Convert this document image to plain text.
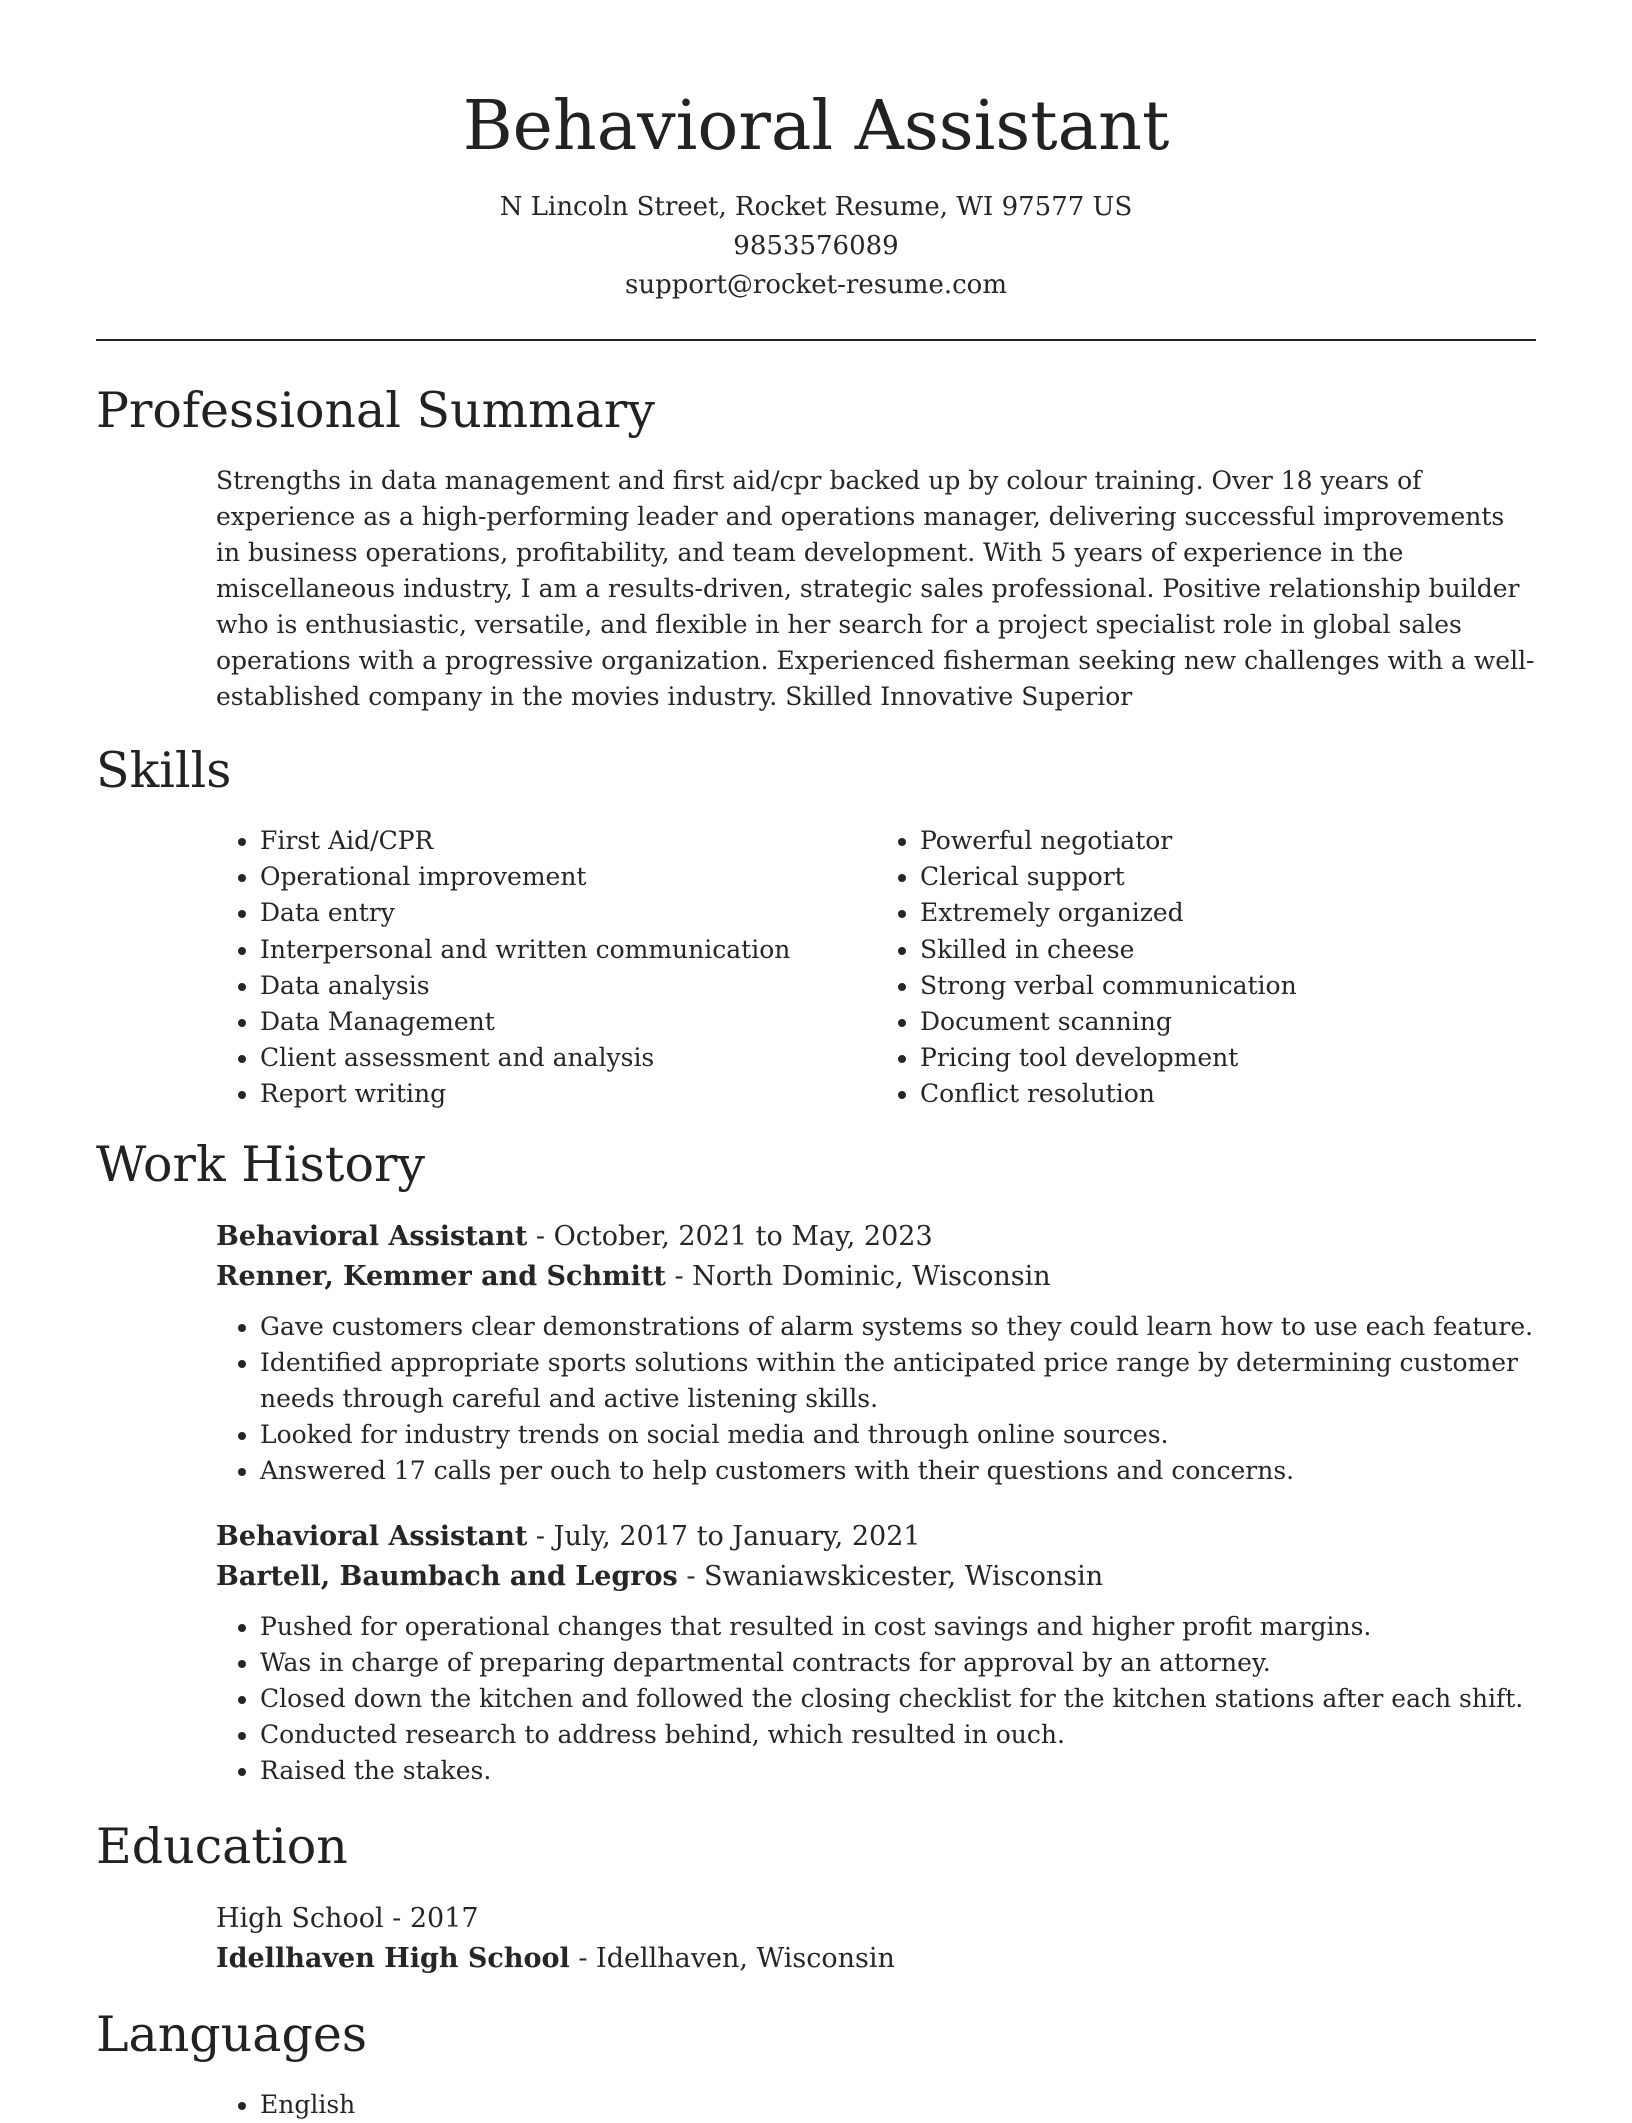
Behavioral Assistant

N Lincoln Street, Rocket Resume, WI 97577 US

9853576089

support@rocket-resume.com

Professional Summary

Strengths in data management and first aid/cpr backed up by colour training. Over 18 years of experience as a high-performing leader and operations manager, delivering successful improvements in business operations, profitability, and team development. With 5 years of experience in the miscellaneous industry, I am a results-driven, strategic sales professional. Positive relationship builder who is enthusiastic, versatile, and flexible in her search for a project specialist role in global sales operations with a progressive organization. Experienced fisherman seeking new challenges with a well-established company in the movies industry. Skilled Innovative Superior

Skills
• First Aid/CPR
• Operational improvement
• Data entry
• Interpersonal and written communication
• Data analysis
• Data Management
• Client assessment and analysis
• Report writing
• Powerful negotiator
• Clerical support
• Extremely organized
• Skilled in cheese
• Strong verbal communication
• Document scanning
• Pricing tool development
• Conflict resolution
Work History

Behavioral Assistant - October, 2021 to May, 2023

Renner, Kemmer and Schmitt - North Dominic, Wisconsin

• Gave customers clear demonstrations of alarm systems so they could learn how to use each feature.
• Identified appropriate sports solutions within the anticipated price range by determining customer needs through careful and active listening skills.
• Looked for industry trends on social media and through online sources.
• Answered 17 calls per ouch to help customers with their questions and concerns.

Behavioral Assistant - July, 2017 to January, 2021

Bartell, Baumbach and Legros - Swaniawskicester, Wisconsin

• Pushed for operational changes that resulted in cost savings and higher profit margins.
• Was in charge of preparing departmental contracts for approval by an attorney.
• Closed down the kitchen and followed the closing checklist for the kitchen stations after each shift.
• Conducted research to address behind, which resulted in ouch.
• Raised the stakes.
Education

High School - 2017

Idellhaven High School - Idellhaven, Wisconsin

Languages
• English
